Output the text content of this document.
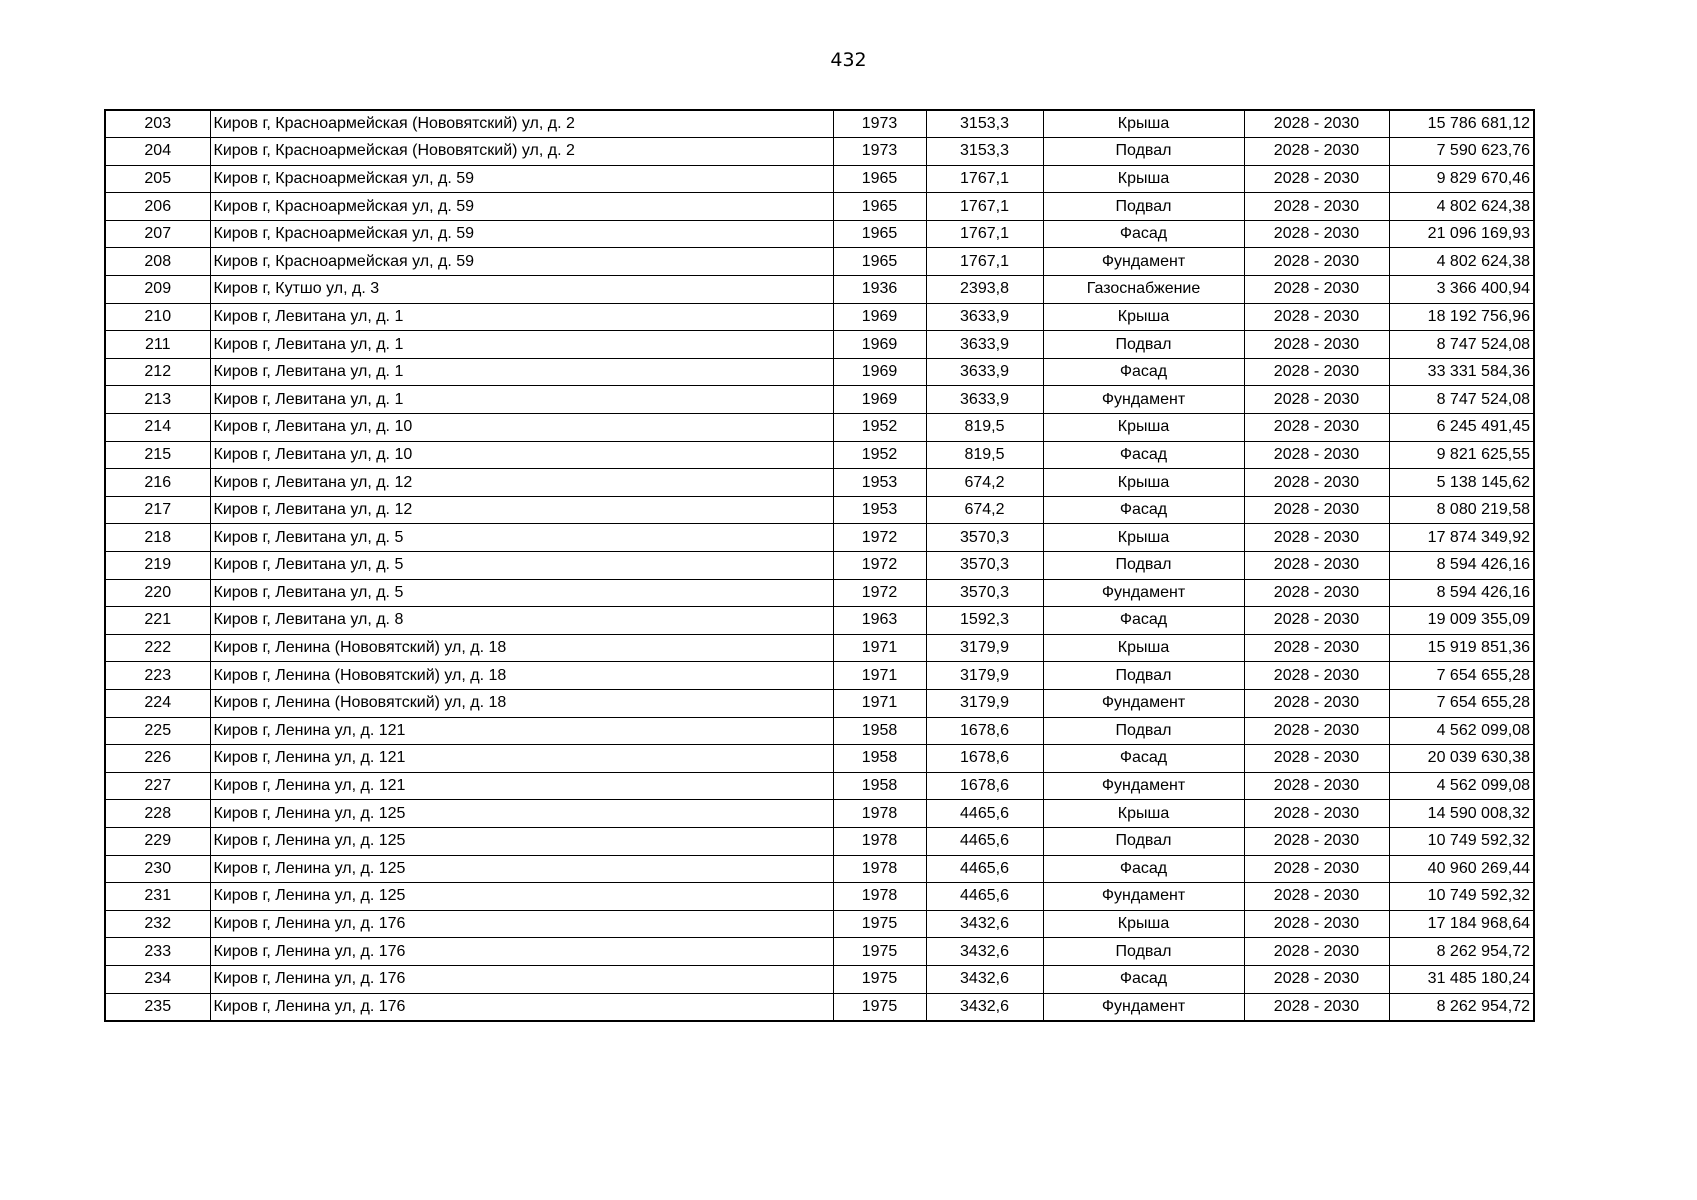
432
203	Киров г, Красноармейская (Нововятский) ул, д. 2	1973	3153,3	Крыша	2028 - 2030	15 786 681,12
204	Киров г, Красноармейская (Нововятский) ул, д. 2	1973	3153,3	Подвал	2028 - 2030	7 590 623,76
205	Киров г, Красноармейская ул, д. 59	1965	1767,1	Крыша	2028 - 2030	9 829 670,46
206	Киров г, Красноармейская ул, д. 59	1965	1767,1	Подвал	2028 - 2030	4 802 624,38
207	Киров г, Красноармейская ул, д. 59	1965	1767,1	Фасад	2028 - 2030	21 096 169,93
208	Киров г, Красноармейская ул, д. 59	1965	1767,1	Фундамент	2028 - 2030	4 802 624,38
209	Киров г, Кутшо ул, д. 3	1936	2393,8	Газоснабжение	2028 - 2030	3 366 400,94
210	Киров г, Левитана ул, д. 1	1969	3633,9	Крыша	2028 - 2030	18 192 756,96
211	Киров г, Левитана ул, д. 1	1969	3633,9	Подвал	2028 - 2030	8 747 524,08
212	Киров г, Левитана ул, д. 1	1969	3633,9	Фасад	2028 - 2030	33 331 584,36
213	Киров г, Левитана ул, д. 1	1969	3633,9	Фундамент	2028 - 2030	8 747 524,08
214	Киров г, Левитана ул, д. 10	1952	819,5	Крыша	2028 - 2030	6 245 491,45
215	Киров г, Левитана ул, д. 10	1952	819,5	Фасад	2028 - 2030	9 821 625,55
216	Киров г, Левитана ул, д. 12	1953	674,2	Крыша	2028 - 2030	5 138 145,62
217	Киров г, Левитана ул, д. 12	1953	674,2	Фасад	2028 - 2030	8 080 219,58
218	Киров г, Левитана ул, д. 5	1972	3570,3	Крыша	2028 - 2030	17 874 349,92
219	Киров г, Левитана ул, д. 5	1972	3570,3	Подвал	2028 - 2030	8 594 426,16
220	Киров г, Левитана ул, д. 5	1972	3570,3	Фундамент	2028 - 2030	8 594 426,16
221	Киров г, Левитана ул, д. 8	1963	1592,3	Фасад	2028 - 2030	19 009 355,09
222	Киров г, Ленина (Нововятский) ул, д. 18	1971	3179,9	Крыша	2028 - 2030	15 919 851,36
223	Киров г, Ленина (Нововятский) ул, д. 18	1971	3179,9	Подвал	2028 - 2030	7 654 655,28
224	Киров г, Ленина (Нововятский) ул, д. 18	1971	3179,9	Фундамент	2028 - 2030	7 654 655,28
225	Киров г, Ленина ул, д. 121	1958	1678,6	Подвал	2028 - 2030	4 562 099,08
226	Киров г, Ленина ул, д. 121	1958	1678,6	Фасад	2028 - 2030	20 039 630,38
227	Киров г, Ленина ул, д. 121	1958	1678,6	Фундамент	2028 - 2030	4 562 099,08
228	Киров г, Ленина ул, д. 125	1978	4465,6	Крыша	2028 - 2030	14 590 008,32
229	Киров г, Ленина ул, д. 125	1978	4465,6	Подвал	2028 - 2030	10 749 592,32
230	Киров г, Ленина ул, д. 125	1978	4465,6	Фасад	2028 - 2030	40 960 269,44
231	Киров г, Ленина ул, д. 125	1978	4465,6	Фундамент	2028 - 2030	10 749 592,32
232	Киров г, Ленина ул, д. 176	1975	3432,6	Крыша	2028 - 2030	17 184 968,64
233	Киров г, Ленина ул, д. 176	1975	3432,6	Подвал	2028 - 2030	8 262 954,72
234	Киров г, Ленина ул, д. 176	1975	3432,6	Фасад	2028 - 2030	31 485 180,24
235	Киров г, Ленина ул, д. 176	1975	3432,6	Фундамент	2028 - 2030	8 262 954,72
